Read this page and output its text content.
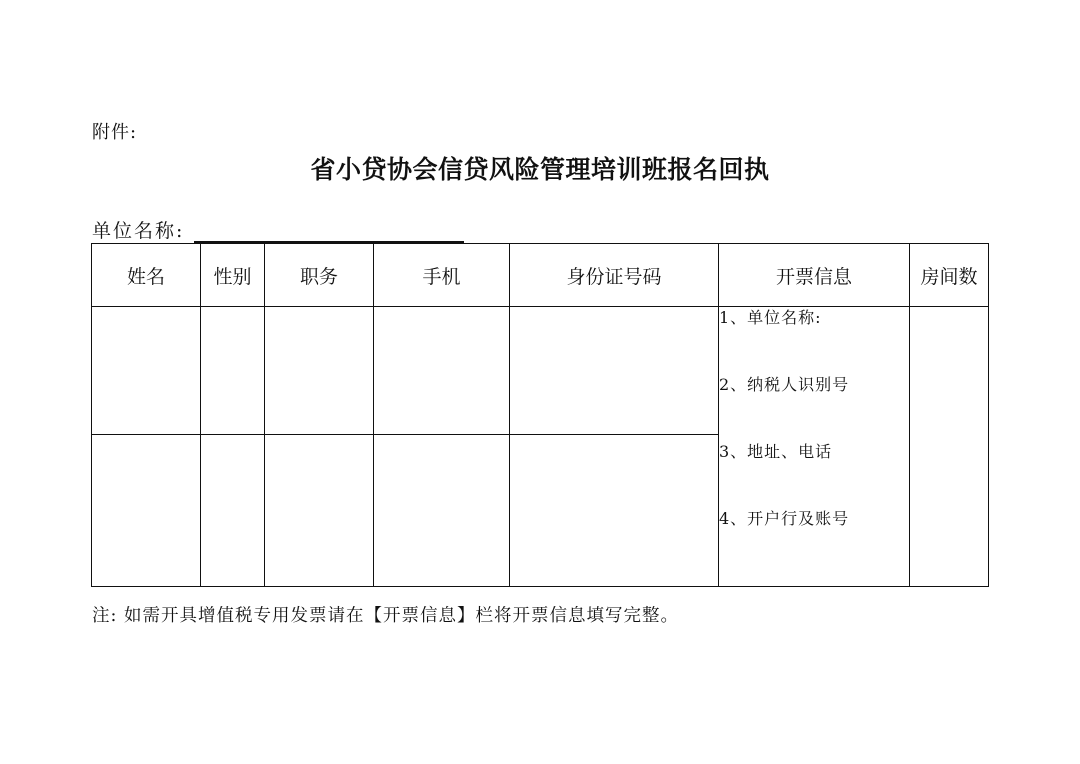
附件:
省小贷协会信贷风险管理培训班报名回执
单位名称:
姓名	性别	职务	手机	身份证号码	开票信息	房间数

					1、单位名称:
2、纳税人识别号
3、地址、电话
4、开户行及账号	

注: 如需开具增值税专用发票请在【开票信息】栏将开票信息填写完整。
